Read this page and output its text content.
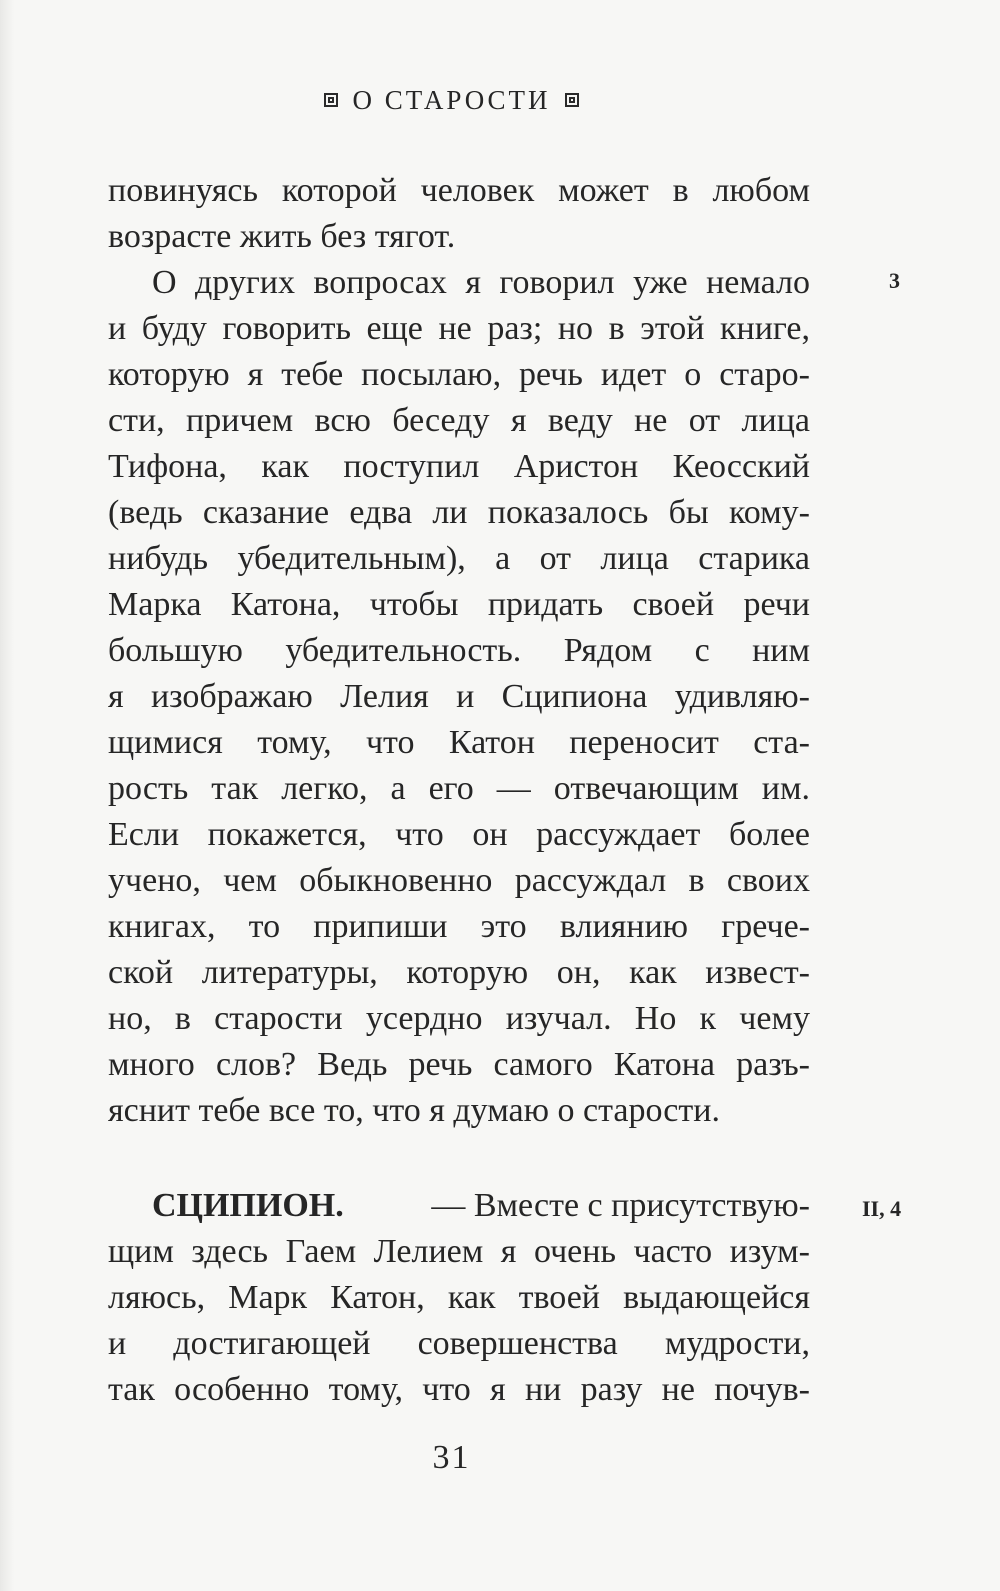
О СТАРОСТИ
повинуясь которой человек может в любом
возрасте жить без тягот.
О других вопросах я говорил уже немало
и буду говорить еще не раз; но в этой книге,
которую я тебе посылаю, речь идет о старо-
сти, причем всю беседу я веду не от лица
Тифона, как поступил Аристон Кеосский
(ведь сказание едва ли показалось бы кому-
нибудь убедительным), а от лица старика
Марка Катона, чтобы придать своей речи
большую убедительность. Рядом с ним
я изображаю Лелия и Сципиона удивляю-
щимися тому, что Катон переносит ста-
рость так легко, а его — отвечающим им.
Если покажется, что он рассуждает более
учено, чем обыкновенно рассуждал в своих
книгах, то припиши это влиянию грече-
ской литературы, которую он, как извест-
но, в старости усердно изучал. Но к чему
много слов? Ведь речь самого Катона разъ-
яснит тебе все то, что я думаю о старости.
СЦИПИОН.	— Вместе с присутствую-
щим здесь Гаем Лелием я очень часто изум-
ляюсь, Марк Катон, как твоей выдающейся
и достигающей совершенства мудрости,
так особенно тому, что я ни разу не почув-
3
II, 4
31
